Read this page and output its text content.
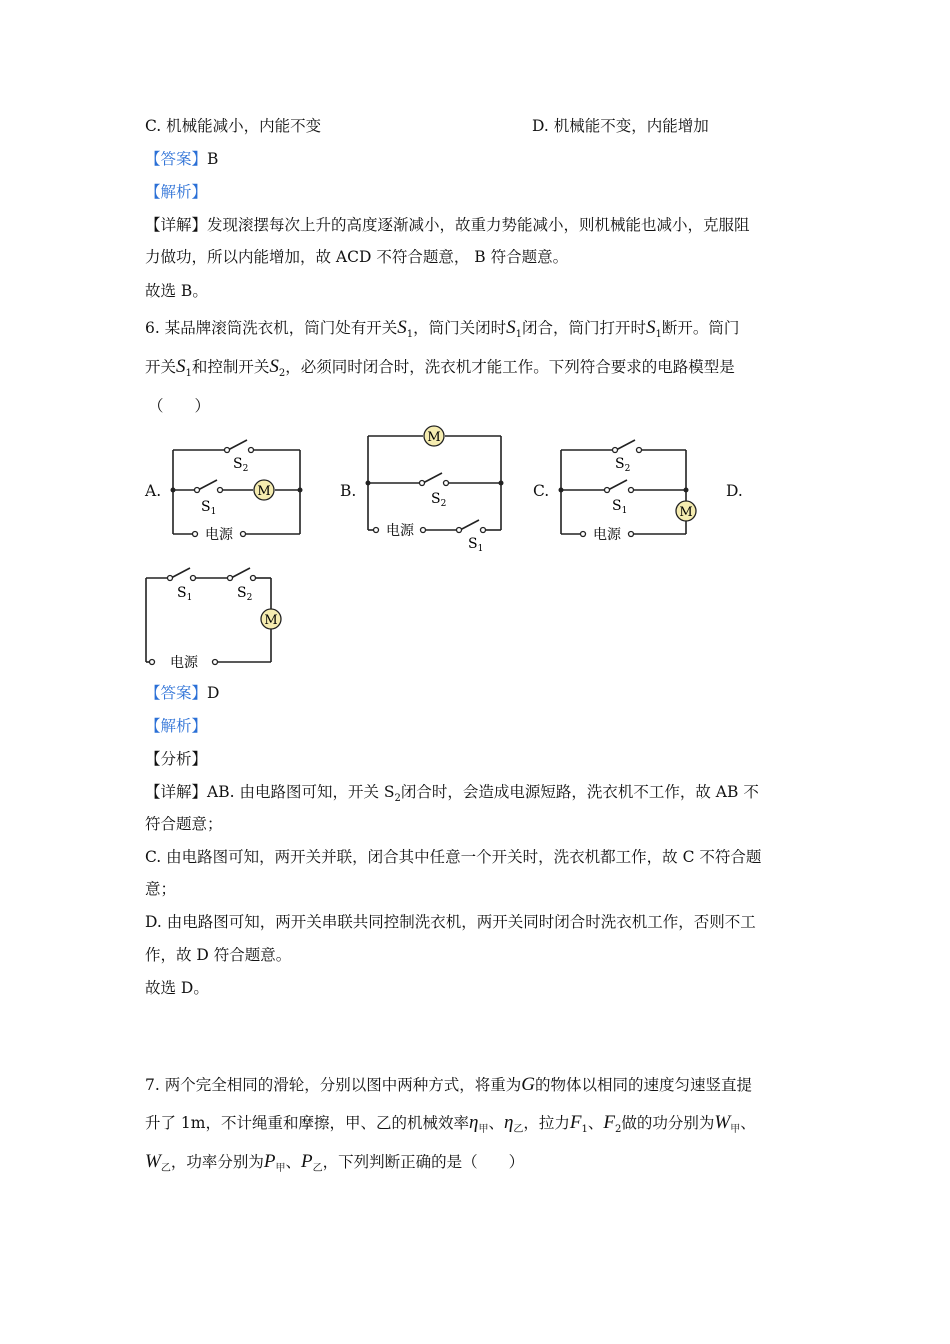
C. 机械能减小，内能不变	D. 机械能不变，内能增加
【答案】B
【解析】
【详解】发现滚摆每次上升的高度逐渐减小，故重力势能减小，则机械能也减小，克服阻
力做功，所以内能增加，故 ACD 不符合题意， B 符合题意。
故选 B。
6. 某品牌滚筒洗衣机，筒门处有开关$S_1$，筒门关闭时$S_1$闭合，筒门打开时$S_1$断开。筒门
开关$S_1$和控制开关$S_2$，必须同时闭合时，洗衣机才能工作。下列符合要求的电路模型是
（　　）
A.	B.	C.	D.
M
$S_2$
$S_1$
电源
M
$S_2$
电源
$S_1$
M
$S_2$
$S_1$
电源
M
$S_1$	$S_2$
电源
【答案】D
【解析】
【分析】
【详解】AB. 由电路图可知，开关 $S_2$闭合时，会造成电源短路，洗衣机不工作，故 AB 不
符合题意；
C. 由电路图可知，两开关并联，闭合其中任意一个开关时，洗衣机都工作，故 C 不符合题
意；
D. 由电路图可知，两开关串联共同控制洗衣机，两开关同时闭合时洗衣机工作，否则不工
作，故 D 符合题意。
故选 D。
7. 两个完全相同的滑轮，分别以图中两种方式，将重为G的物体以相同的速度匀速竖直提
升了 1m，不计绳重和摩擦，甲、乙的机械效率$\eta_甲$、$\eta_乙$，拉力$F_1$、$F_2$做的功分别为$W_甲$、
$W_乙$，功率分别为$P_甲$、$P_乙$，下列判断正确的是（　　）
